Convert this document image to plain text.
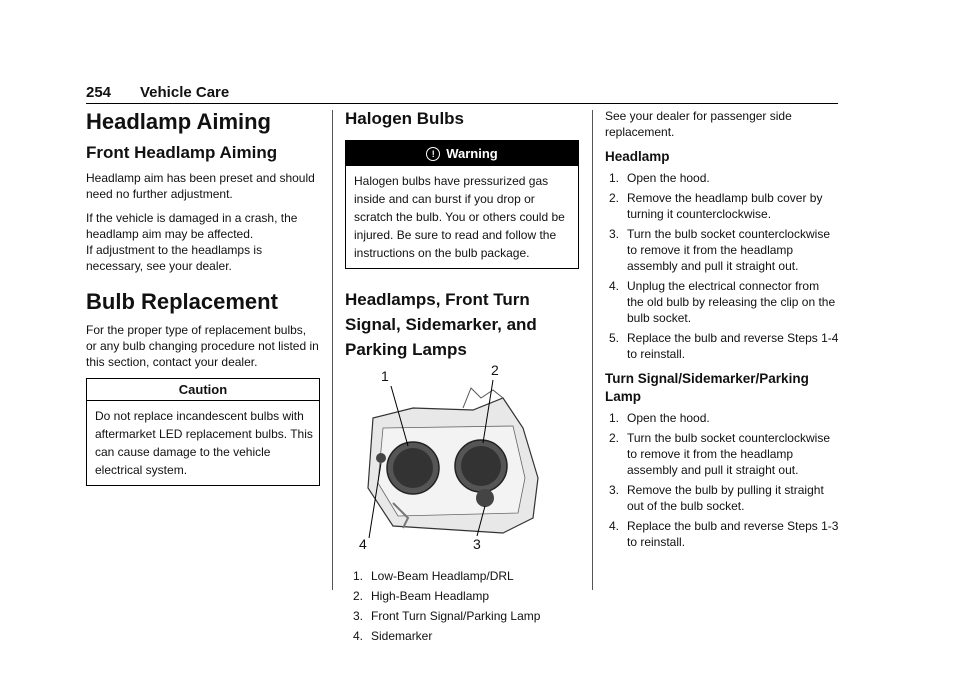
254 Vehicle Care
Headlamp Aiming
Front Headlamp Aiming

Headlamp aim has been preset and should need no further adjustment.

If the vehicle is damaged in a crash, the headlamp aim may be affected.

If adjustment to the headlamps is necessary, see your dealer.

Bulb Replacement

For the proper type of replacement bulbs, or any bulb changing procedure not listed in this section, contact your dealer.

Caution
Do not replace incandescent bulbs with aftermarket LED replacement bulbs. This can cause damage to the vehicle electrical system.
Halogen Bulbs
! Warning
Halogen bulbs have pressurized gas inside and can burst if you drop or scratch the bulb. You or others could be injured. Be sure to read and follow the instructions on the bulb package.
Headlamps, Front Turn Signal, Sidemarker, and Parking Lamps
1	2
3
4
1. Low-Beam Headlamp/DRL
2. High-Beam Headlamp
3. Front Turn Signal/Parking Lamp
4. Sidemarker

See your dealer for passenger side replacement.

Headlamp
1. Open the hood.
2. Remove the headlamp bulb cover by turning it counterclockwise.
3. Turn the bulb socket counterclockwise to remove it from the headlamp assembly and pull it straight out.
4. Unplug the electrical connector from the old bulb by releasing the clip on the bulb socket.
5. Replace the bulb and reverse Steps 1-4 to reinstall.
Turn Signal/Sidemarker/Parking Lamp
1. Open the hood.
2. Turn the bulb socket counterclockwise to remove it from the headlamp assembly and pull it straight out.
3. Remove the bulb by pulling it straight out of the bulb socket.
4. Replace the bulb and reverse Steps 1-3 to reinstall.
